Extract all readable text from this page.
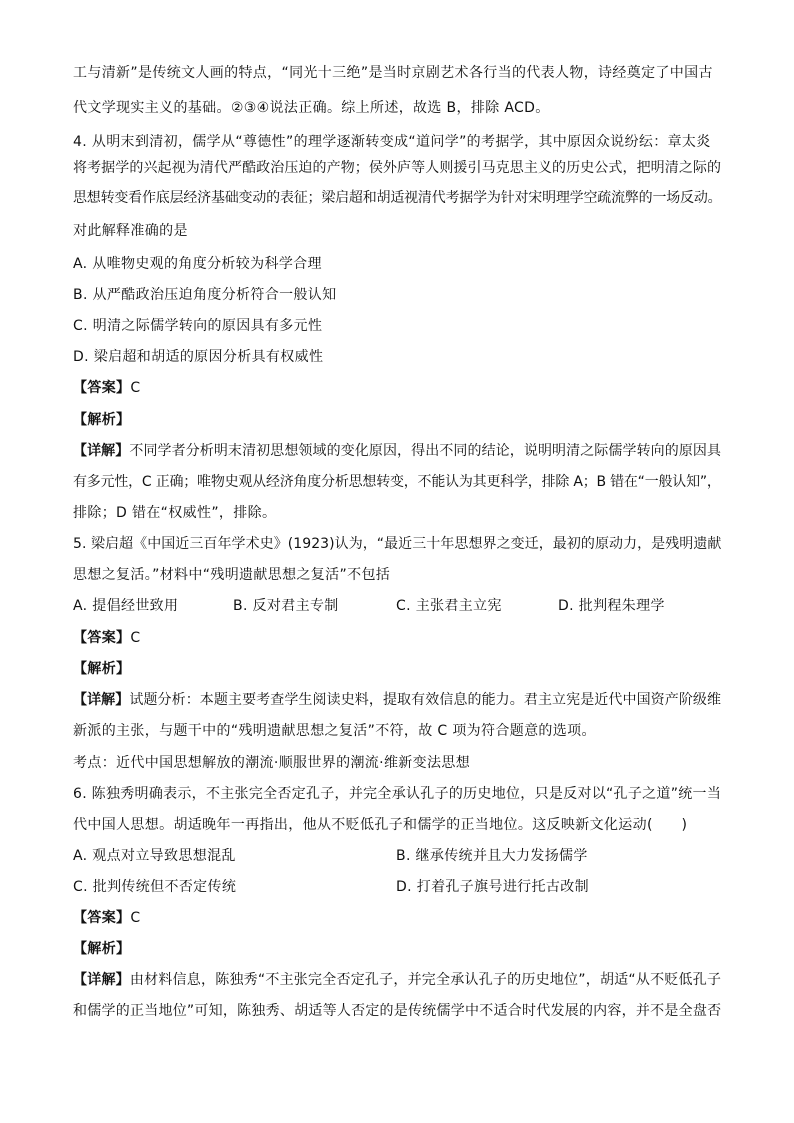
工与清新”是传统文人画的特点，“同光十三绝”是当时京剧艺术各行当的代表人物，诗经奠定了中国古
代文学现实主义的基础。②③④说法正确。综上所述，故选 B，排除 ACD。
4. 从明末到清初，儒学从“尊德性”的理学逐渐转变成“道问学”的考据学，其中原因众说纷纭：章太炎
将考据学的兴起视为清代严酷政治压迫的产物；侯外庐等人则援引马克思主义的历史公式，把明清之际的
思想转变看作底层经济基础变动的表征；梁启超和胡适视清代考据学为针对宋明理学空疏流弊的一场反动。
对此解释准确的是
A. 从唯物史观的角度分析较为科学合理
B. 从严酷政治压迫角度分析符合一般认知
C. 明清之际儒学转向的原因具有多元性
D. 梁启超和胡适的原因分析具有权威性
【答案】C
【解析】
【详解】不同学者分析明末清初思想领域的变化原因，得出不同的结论，说明明清之际儒学转向的原因具
有多元性，C 正确；唯物史观从经济角度分析思想转变，不能认为其更科学，排除 A；B 错在“一般认知”，
排除；D 错在“权威性”，排除。
5. 梁启超《中国近三百年学术史》(1923)认为，“最近三十年思想界之变迁，最初的原动力，是残明遗献
思想之复活。”材料中“残明遗献思想之复活”不包括
A. 提倡经世致用	B. 反对君主专制	C. 主张君主立宪	D. 批判程朱理学
【答案】C
【解析】
【详解】试题分析：本题主要考查学生阅读史料，提取有效信息的能力。君主立宪是近代中国资产阶级维
新派的主张，与题干中的“残明遗献思想之复活”不符，故 C 项为符合题意的选项。
考点：近代中国思想解放的潮流·顺服世界的潮流·维新变法思想
6. 陈独秀明确表示，不主张完全否定孔子，并完全承认孔子的历史地位，只是反对以“孔子之道”统一当
代中国人思想。胡适晚年一再指出，他从不贬低孔子和儒学的正当地位。这反映新文化运动(　　)
A. 观点对立导致思想混乱	B. 继承传统并且大力发扬儒学
C. 批判传统但不否定传统	D. 打着孔子旗号进行托古改制
【答案】C
【解析】
【详解】由材料信息，陈独秀“不主张完全否定孔子，并完全承认孔子的历史地位”，胡适“从不贬低孔子
和儒学的正当地位”可知，陈独秀、胡适等人否定的是传统儒学中不适合时代发展的内容，并不是全盘否
